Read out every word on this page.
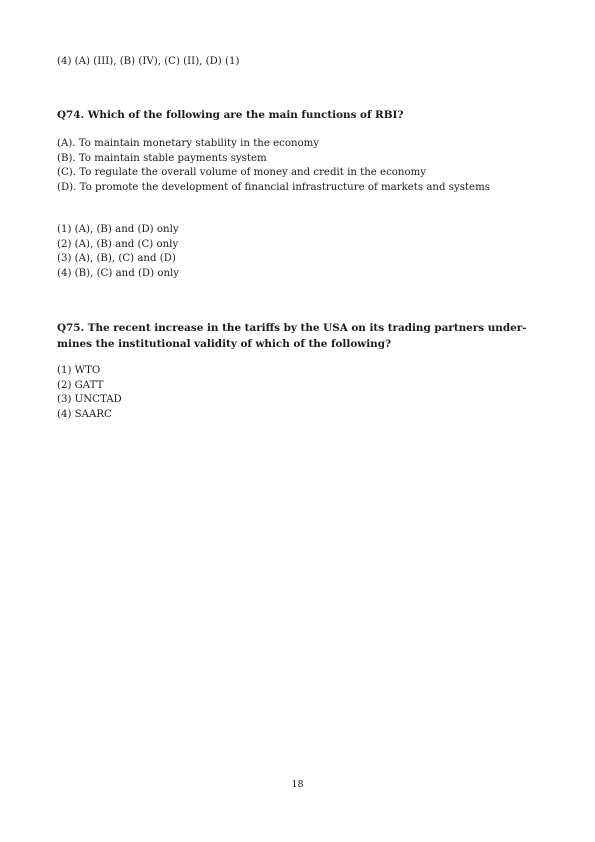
(4) (A) (III), (B) (IV), (C) (II), (D) (1)
Q74. Which of the following are the main functions of RBI?
(A). To maintain monetary stability in the economy
(B). To maintain stable payments system
(C). To regulate the overall volume of money and credit in the economy
(D). To promote the development of financial infrastructure of markets and systems
(1) (A), (B) and (D) only
(2) (A), (B) and (C) only
(3) (A), (B), (C) and (D)
(4) (B), (C) and (D) only
Q75. The recent increase in the tariffs by the USA on its trading partners under-
mines the institutional validity of which of the following?
(1) WTO
(2) GATT
(3) UNCTAD
(4) SAARC
18
